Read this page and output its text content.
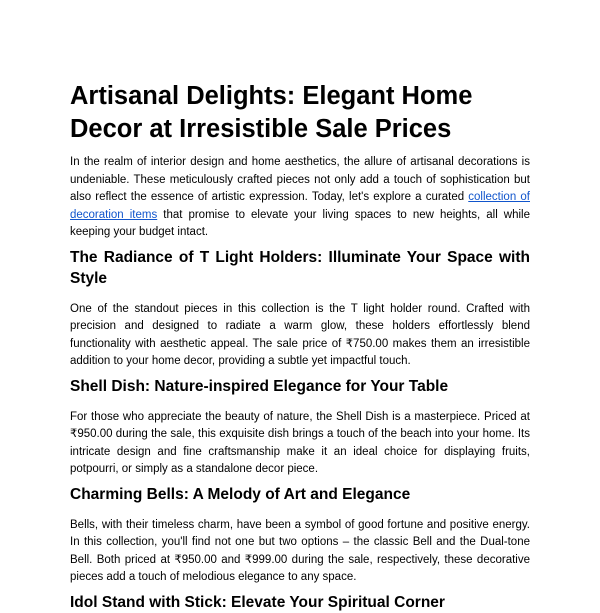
Artisanal Delights: Elegant Home Decor at Irresistible Sale Prices

In the realm of interior design and home aesthetics, the allure of artisanal decorations is undeniable. These meticulously crafted pieces not only add a touch of sophistication but also reflect the essence of artistic expression. Today, let's explore a curated collection of decoration items that promise to elevate your living spaces to new heights, all while keeping your budget intact.

The Radiance of T Light Holders: Illuminate Your Space with Style

One of the standout pieces in this collection is the T light holder round. Crafted with precision and designed to radiate a warm glow, these holders effortlessly blend functionality with aesthetic appeal. The sale price of ₹750.00 makes them an irresistible addition to your home decor, providing a subtle yet impactful touch.

Shell Dish: Nature-inspired Elegance for Your Table

For those who appreciate the beauty of nature, the Shell Dish is a masterpiece. Priced at ₹950.00 during the sale, this exquisite dish brings a touch of the beach into your home. Its intricate design and fine craftsmanship make it an ideal choice for displaying fruits, potpourri, or simply as a standalone decor piece.

Charming Bells: A Melody of Art and Elegance

Bells, with their timeless charm, have been a symbol of good fortune and positive energy. In this collection, you'll find not one but two options – the classic Bell and the Dual-tone Bell. Both priced at ₹950.00 and ₹999.00 during the sale, respectively, these decorative pieces add a touch of melodious elegance to any space.

Idol Stand with Stick: Elevate Your Spiritual Corner
